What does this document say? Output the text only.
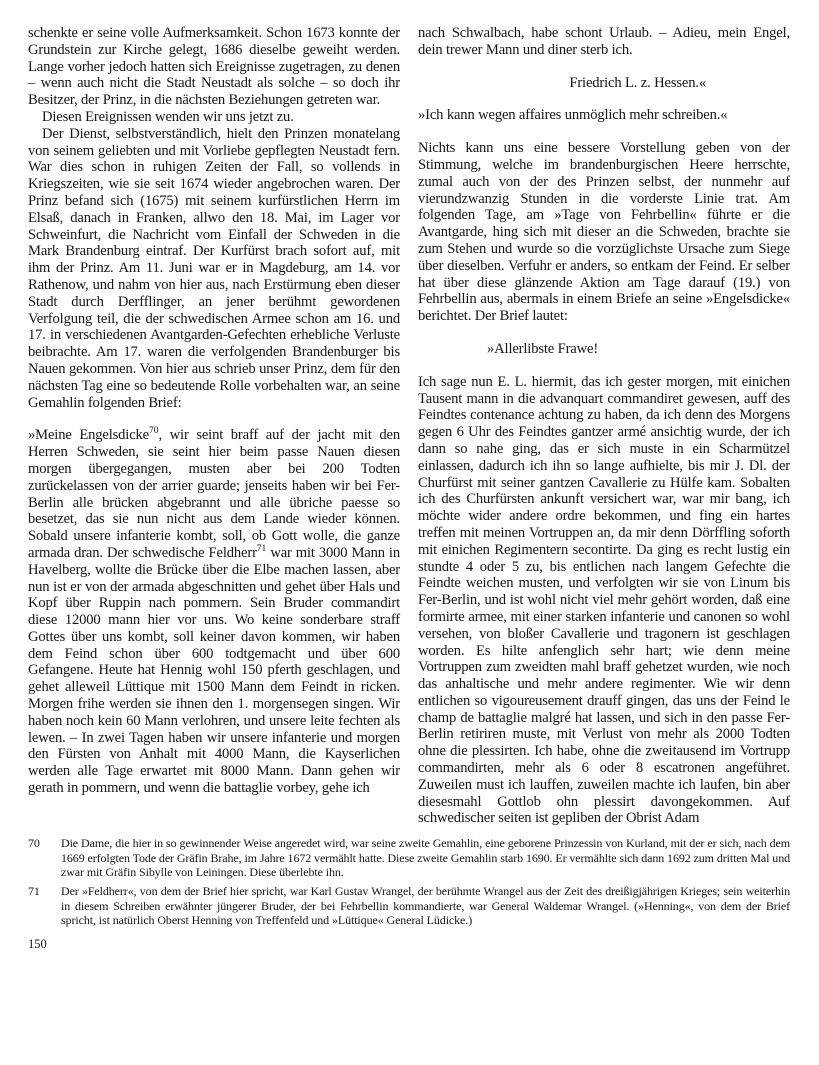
schenkte er seine volle Aufmerksamkeit. Schon 1673 konnte der Grundstein zur Kirche gelegt, 1686 dieselbe geweiht werden. Lange vorher jedoch hatten sich Ereignisse zugetragen, zu denen – wenn auch nicht die Stadt Neustadt als solche – so doch ihr Besitzer, der Prinz, in die nächsten Beziehungen getreten war.

Diesen Ereignissen wenden wir uns jetzt zu.

Der Dienst, selbstverständlich, hielt den Prinzen monatelang von seinem geliebten und mit Vorliebe gepflegten Neustadt fern. War dies schon in ruhigen Zeiten der Fall, so vollends in Kriegszeiten, wie sie seit 1674 wieder angebrochen waren. Der Prinz befand sich (1675) mit seinem kurfürstlichen Herrn im Elsaß, danach in Franken, allwo den 18. Mai, im Lager vor Schweinfurt, die Nachricht vom Einfall der Schweden in die Mark Brandenburg eintraf. Der Kurfürst brach sofort auf, mit ihm der Prinz. Am 11. Juni war er in Magdeburg, am 14. vor Rathenow, und nahm von hier aus, nach Erstürmung eben dieser Stadt durch Derfflinger, an jener berühmt gewordenen Verfolgung teil, die der schwedischen Armee schon am 16. und 17. in verschiedenen Avantgarden-Gefechten erhebliche Verluste beibrachte. Am 17. waren die verfolgenden Brandenburger bis Nauen gekommen. Von hier aus schrieb unser Prinz, dem für den nächsten Tag eine so bedeutende Rolle vorbehalten war, an seine Gemahlin folgenden Brief:

»Meine Engelsdicke$^{70}$, wir seint braff auf der jacht mit den Herren Schweden, sie seint hier beim passe Nauen diesen morgen übergegangen, musten aber bei 200 Todten zurückelassen von der arrier guarde; jenseits haben wir bei Fer-Berlin alle brücken abgebrannt und alle übriche paesse so besetzet, das sie nun nicht aus dem Lande wieder können. Sobald unsere infanterie kombt, soll, ob Gott wolle, die ganze armada dran. Der schwedische Feldherr$^{71}$ war mit 3000 Mann in Havelberg, wollte die Brücke über die Elbe machen lassen, aber nun ist er von der armada abgeschnitten und gehet über Hals und Kopf über Ruppin nach pommern. Sein Bruder commandirt diese 12000 mann hier vor uns. Wo keine sonderbare straff Gottes über uns kombt, soll keiner davon kommen, wir haben dem Feind schon über 600 todtgemacht und über 600 Gefangene. Heute hat Hennig wohl 150 pferth geschlagen, und gehet alleweil Lüttique mit 1500 Mann dem Feindt in ricken. Morgen frihe werden sie ihnen den 1. morgensegen singen. Wir haben noch kein 60 Mann verlohren, und unsere leite fechten als lewen. – In zwei Tagen haben wir unsere infanterie und morgen den Fürsten von Anhalt mit 4000 Mann, die Kayserlichen werden alle Tage erwartet mit 8000 Mann. Dann gehen wir gerath in pommern, und wenn die battaglie vorbey, gehe ich

nach Schwalbach, habe schont Urlaub. – Adieu, mein Engel, dein trewer Mann und diner sterb ich.

Friedrich L. z. Hessen.«

»Ich kann wegen affaires unmöglich mehr schreiben.«

Nichts kann uns eine bessere Vorstellung geben von der Stimmung, welche im brandenburgischen Heere herrschte, zumal auch von der des Prinzen selbst, der nunmehr auf vierundzwanzig Stunden in die vorderste Linie trat. Am folgenden Tage, am »Tage von Fehrbellin« führte er die Avantgarde, hing sich mit dieser an die Schweden, brachte sie zum Stehen und wurde so die vorzüglichste Ursache zum Siege über dieselben. Verfuhr er anders, so entkam der Feind. Er selber hat über diese glänzende Aktion am Tage darauf (19.) von Fehrbellin aus, abermals in einem Briefe an seine »Engelsdicke« berichtet. Der Brief lautet:

»Allerlibste Frawe!

Ich sage nun E. L. hiermit, das ich gester morgen, mit einichen Tausent mann in die advanquart commandiret gewesen, auff des Feindtes contenance achtung zu haben, da ich denn des Morgens gegen 6 Uhr des Feindtes gantzer armé ansichtig wurde, der ich dann so nahe ging, das er sich muste in ein Scharmützel einlassen, dadurch ich ihn so lange aufhielte, bis mir J. Dl. der Churfürst mit seiner gantzen Cavallerie zu Hülfe kam. Sobalten ich des Churfürsten ankunft versichert war, war mir bang, ich möchte wider andere ordre bekommen, und fing ein hartes treffen mit meinen Vortruppen an, da mir denn Dörffling soforth mit einichen Regimentern secontirte. Da ging es recht lustig ein stundte 4 oder 5 zu, bis entlichen nach langem Gefechte die Feindte weichen musten, und verfolgten wir sie von Linum bis Fer-Berlin, und ist wohl nicht viel mehr gehört worden, daß eine formirte armee, mit einer starken infanterie und canonen so wohl versehen, von bloßer Cavallerie und tragonern ist geschlagen worden. Es hilte anfenglich sehr hart; wie denn meine Vortruppen zum zweidten mahl braff gehetzet wurden, wie noch das anhaltische und mehr andere regimenter. Wie wir denn entlichen so vigoureusement drauff gingen, das uns der Feind le champ de battaglie malgré hat lassen, und sich in den passe Fer-Berlin retiriren muste, mit Verlust von mehr als 2000 Todten ohne die plessirten. Ich habe, ohne die zweitausend im Vortrupp commandirten, mehr als 6 oder 8 escatronen angeführet. Zuweilen must ich lauffen, zuweilen machte ich laufen, bin aber diesesmahl Gottlob ohn plessirt davongekommen. Auf schwedischer seiten ist gepliben der Obrist Adam

70	Die Dame, die hier in so gewinnender Weise angeredet wird, war seine zweite Gemahlin, eine geborene Prinzessin von Kurland, mit der er sich, nach dem 1669 erfolgten Tode der Gräfin Brahe, im Jahre 1672 vermählt hatte. Diese zweite Gemahlin starb 1690. Er vermählte sich dann 1692 zum dritten Mal und zwar mit Gräfin Sibylle von Leiningen. Diese überlebte ihn.
71	Der »Feldherr«, von dem der Brief hier spricht, war Karl Gustav Wrangel, der berühmte Wrangel aus der Zeit des dreißigjährigen Krieges; sein weiterhin in diesem Schreiben erwähnter jüngerer Bruder, der bei Fehrbellin kommandierte, war General Waldemar Wrangel. (»Henning«, von dem der Brief spricht, ist natürlich Oberst Henning von Treffenfeld und »Lüttique« General Lüdicke.)
150
